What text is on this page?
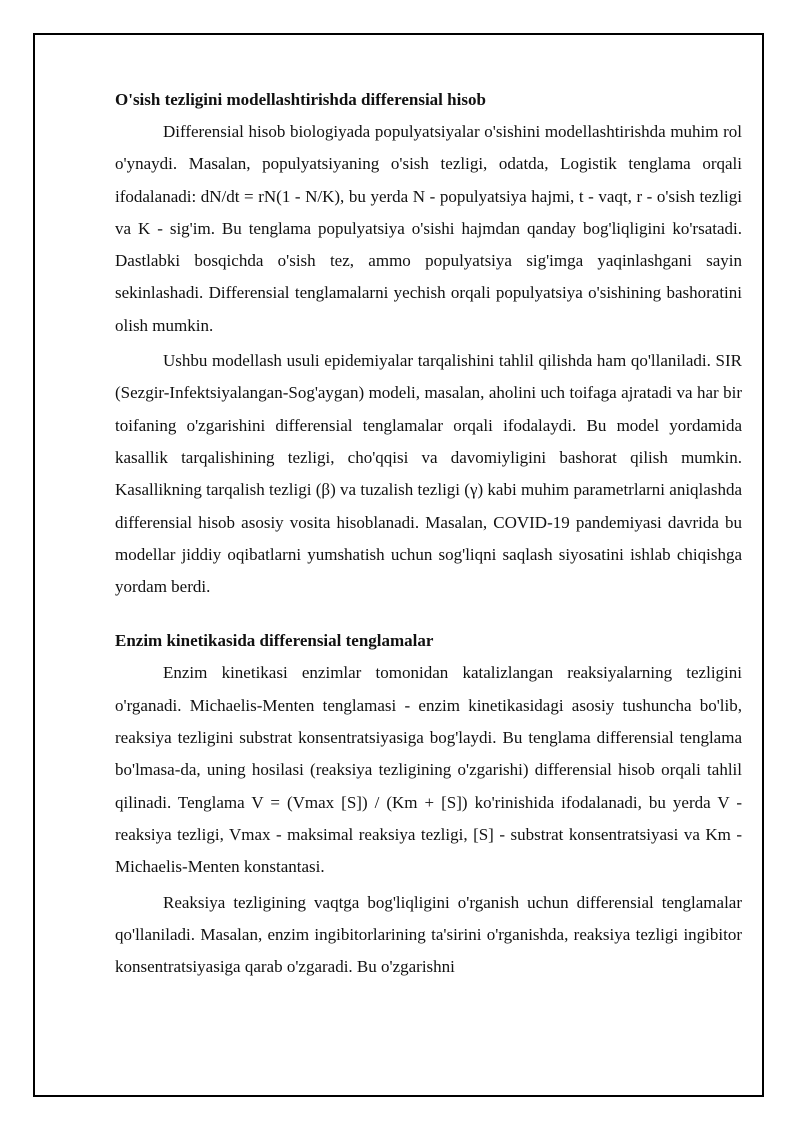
O'sish tezligini modellashtirishda differensial hisob

Differensial hisob biologiyada populyatsiyalar o'sishini modellashtirishda muhim rol o'ynaydi. Masalan, populyatsiyaning o'sish tezligi, odatda, Logistik tenglama orqali ifodalanadi: dN/dt = rN(1 - N/K), bu yerda N - populyatsiya hajmi, t - vaqt, r - o'sish tezligi va K - sig'im. Bu tenglama populyatsiya o'sishi hajmdan qanday bog'liqligini ko'rsatadi. Dastlabki bosqichda o'sish tez, ammo populyatsiya sig'imga yaqinlashgani sayin sekinlashadi. Differensial tenglamalarni yechish orqali populyatsiya o'sishining bashoratini olish mumkin.

Ushbu modellash usuli epidemiyalar tarqalishini tahlil qilishda ham qo'llaniladi. SIR (Sezgir-Infektsiyalangan-Sog'aygan) modeli, masalan, aholini uch toifaga ajratadi va har bir toifaning o'zgarishini differensial tenglamalar orqali ifodalaydi. Bu model yordamida kasallik tarqalishining tezligi, cho'qqisi va davomiyligini bashorat qilish mumkin. Kasallikning tarqalish tezligi (β) va tuzalish tezligi (γ) kabi muhim parametrlarni aniqlashda differensial hisob asosiy vosita hisoblanadi. Masalan, COVID-19 pandemiyasi davrida bu modellar jiddiy oqibatlarni yumshatish uchun sog'liqni saqlash siyosatini ishlab chiqishga yordam berdi.

Enzim kinetikasida differensial tenglamalar

Enzim kinetikasi enzimlar tomonidan katalizlangan reaksiyalarning tezligini o'rganadi. Michaelis-Menten tenglamasi - enzim kinetikasidagi asosiy tushuncha bo'lib, reaksiya tezligini substrat konsentratsiyasiga bog'laydi. Bu tenglama differensial tenglama bo'lmasa-da, uning hosilasi (reaksiya tezligining o'zgarishi) differensial hisob orqali tahlil qilinadi. Tenglama V = (Vmax [S]) / (Km + [S]) ko'rinishida ifodalanadi, bu yerda V - reaksiya tezligi, Vmax - maksimal reaksiya tezligi, [S] - substrat konsentratsiyasi va Km - Michaelis-Menten konstantasi.

Reaksiya tezligining vaqtga bog'liqligini o'rganish uchun differensial tenglamalar qo'llaniladi. Masalan, enzim ingibitorlarining ta'sirini o'rganishda, reaksiya tezligi ingibitor konsentratsiyasiga qarab o'zgaradi. Bu o'zgarishni
